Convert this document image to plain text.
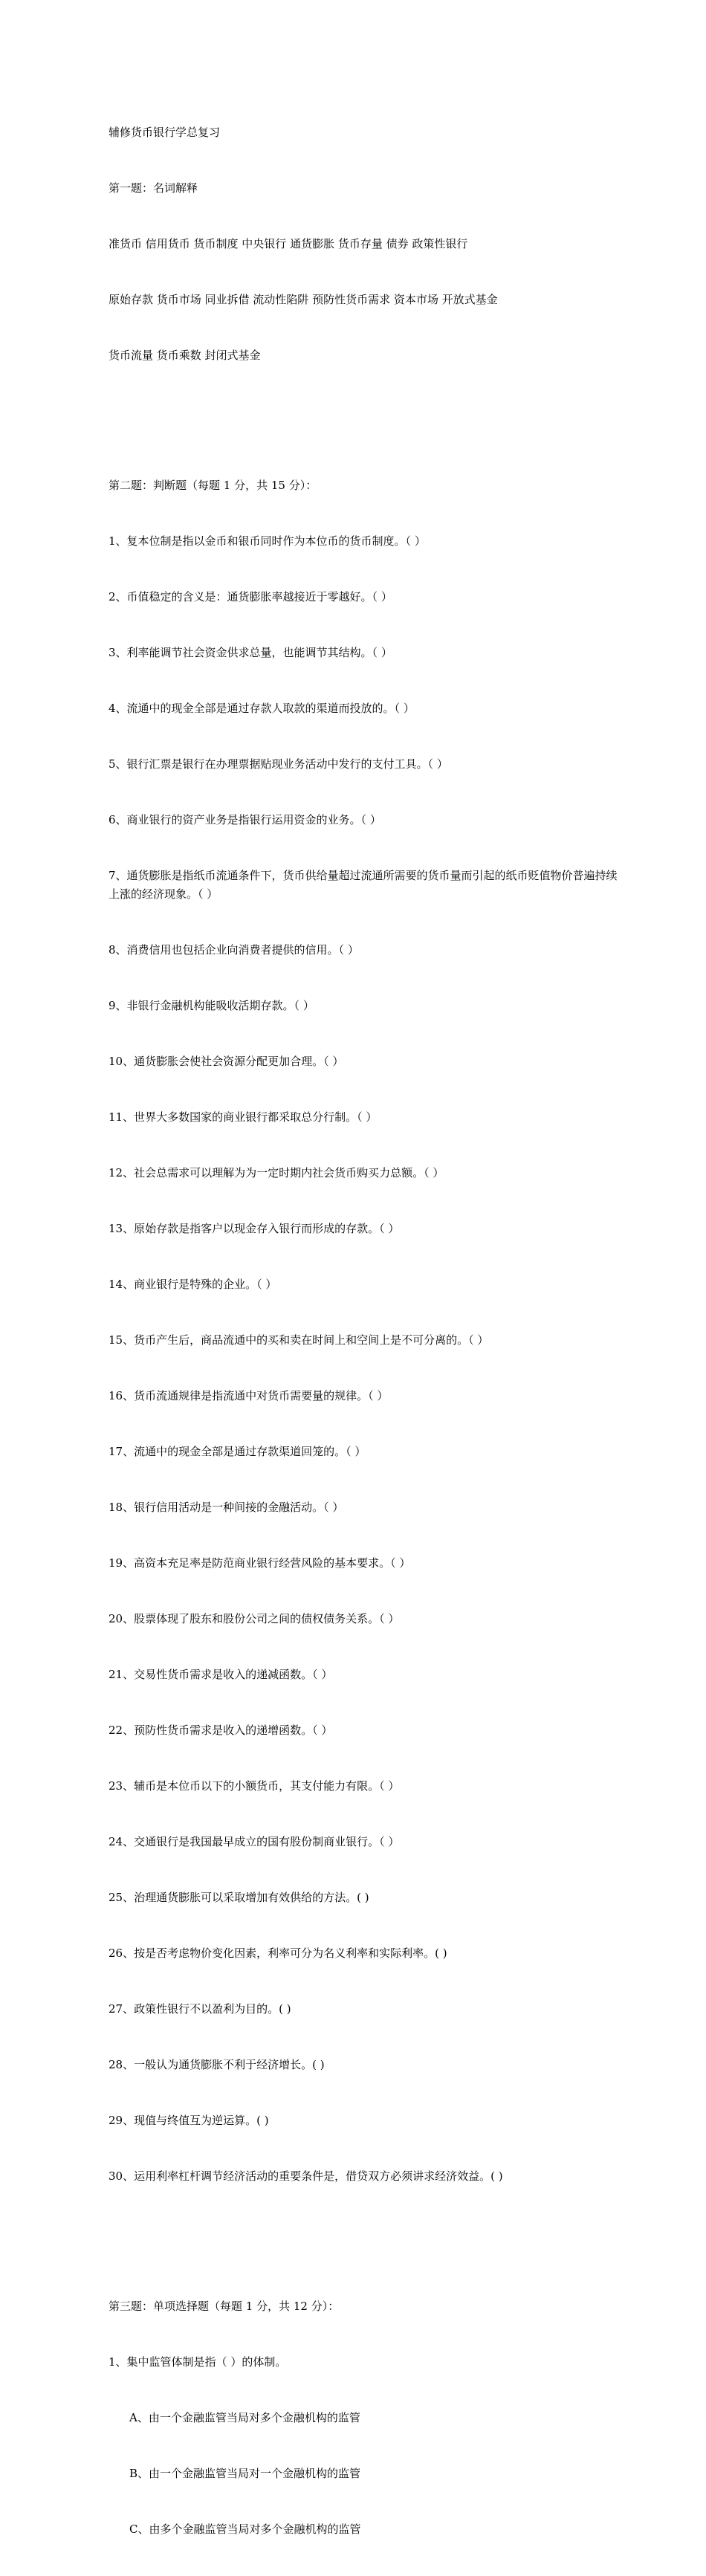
辅修货币银行学总复习

第一题：名词解释

准货币 信用货币 货币制度 中央银行 通货膨胀 货币存量 债券 政策性银行

原始存款 货币市场 同业拆借 流动性陷阱 预防性货币需求 资本市场 开放式基金

货币流量 货币乘数 封闭式基金

第二题：判断题（每题 1 分，共 15 分）：

1、复本位制是指以金币和银币同时作为本位币的货币制度。（ ）

2、币值稳定的含义是：通货膨胀率越接近于零越好。（ ）

3、利率能调节社会资金供求总量，也能调节其结构。（ ）

4、流通中的现金全部是通过存款人取款的渠道而投放的。（ ）

5、银行汇票是银行在办理票据贴现业务活动中发行的支付工具。（ ）

6、商业银行的资产业务是指银行运用资金的业务。（ ）

7、通货膨胀是指纸币流通条件下，货币供给量超过流通所需要的货币量而引起的纸币贬值物价普遍持续上涨的经济现象。（ ）

8、消费信用也包括企业向消费者提供的信用。（ ）

9、非银行金融机构能吸收活期存款。（ ）

10、通货膨胀会使社会资源分配更加合理。（ ）

11、世界大多数国家的商业银行都采取总分行制。（ ）

12、社会总需求可以理解为为一定时期内社会货币购买力总额。（ ）

13、原始存款是指客户以现金存入银行而形成的存款。（ ）

14、商业银行是特殊的企业。（ ）

15、货币产生后，商品流通中的买和卖在时间上和空间上是不可分离的。（ ）

16、货币流通规律是指流通中对货币需要量的规律。（ ）

17、流通中的现金全部是通过存款渠道回笼的。（ ）

18、银行信用活动是一种间接的金融活动。（ ）

19、高资本充足率是防范商业银行经营风险的基本要求。（ ）

20、股票体现了股东和股份公司之间的债权债务关系。（ ）

21、交易性货币需求是收入的递减函数。（ ）

22、预防性货币需求是收入的递增函数。（ ）

23、辅币是本位币以下的小额货币，其支付能力有限。（ ）

24、交通银行是我国最早成立的国有股份制商业银行。（ ）

25、治理通货膨胀可以采取增加有效供给的方法。( )

26、按是否考虑物价变化因素，利率可分为名义利率和实际利率。( )

27、政策性银行不以盈利为目的。( )

28、一般认为通货膨胀不利于经济增长。( )

29、现值与终值互为逆运算。( )

30、运用利率杠杆调节经济活动的重要条件是，借贷双方必须讲求经济效益。( )

第三题：单项选择题（每题 1 分，共 12 分）：

1、集中监管体制是指（ ）的体制。

A、由一个金融监管当局对多个金融机构的监管

B、由一个金融监管当局对一个金融机构的监管

C、由多个金融监管当局对多个金融机构的监管
